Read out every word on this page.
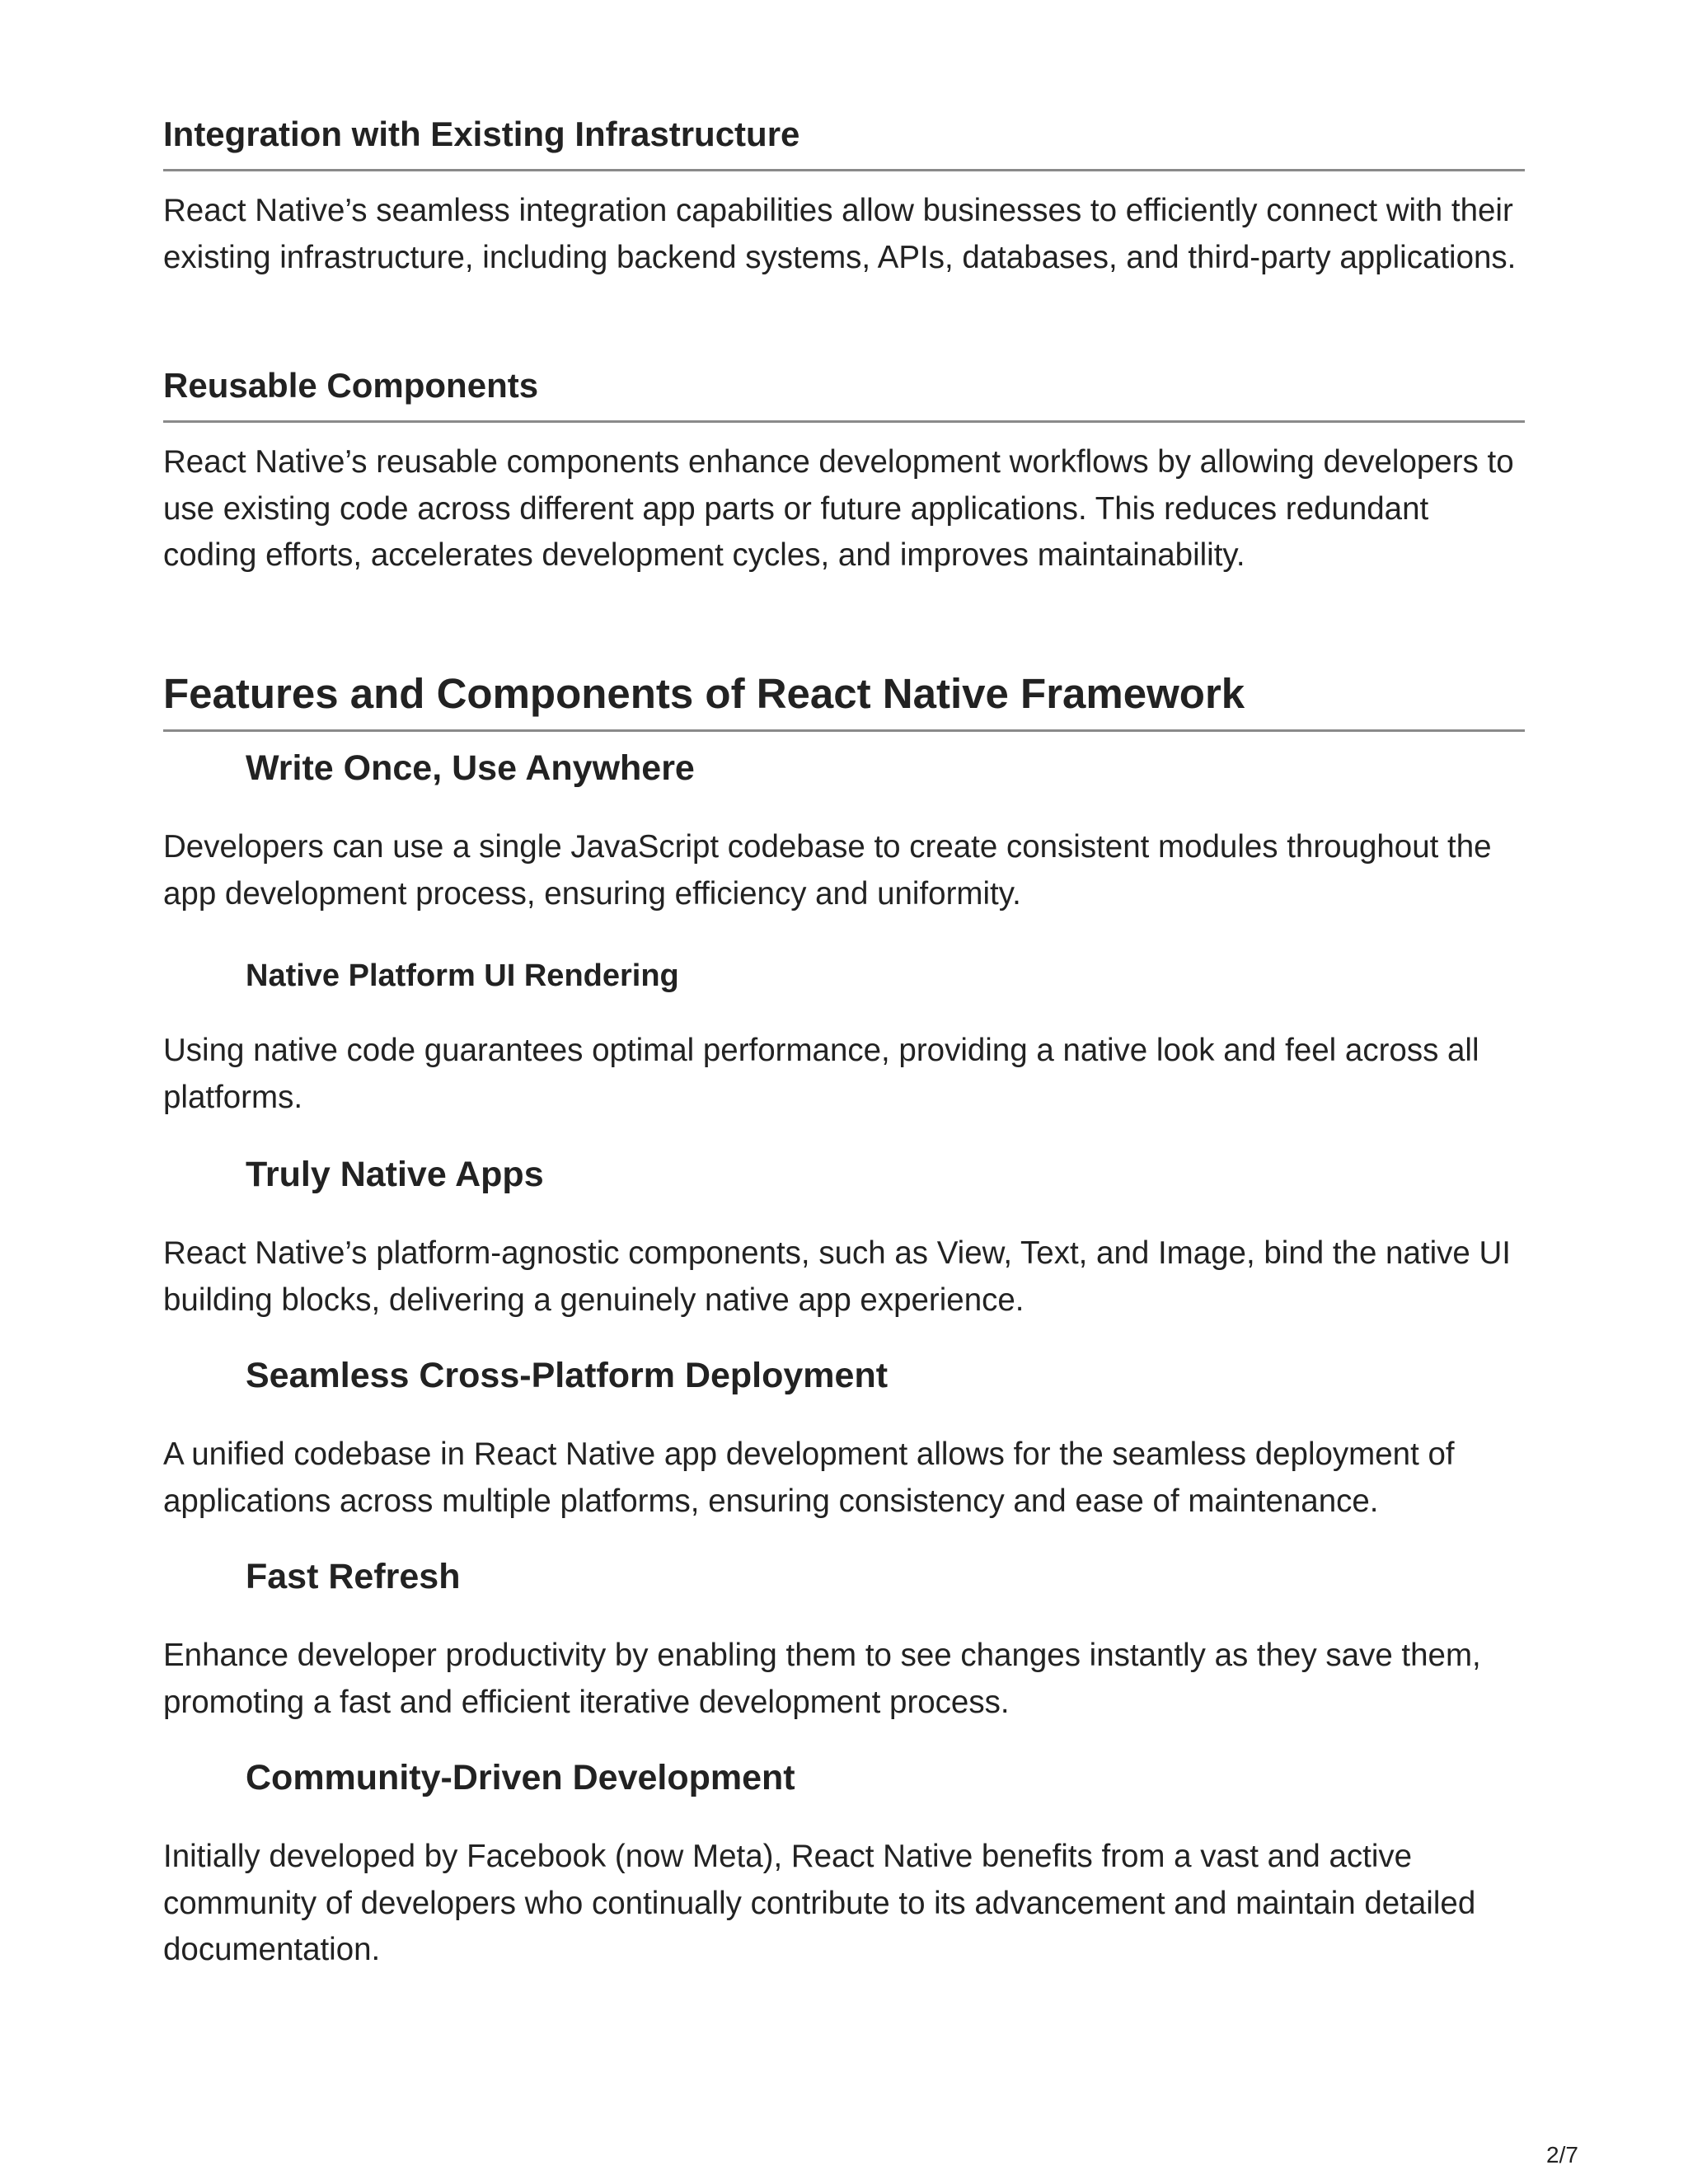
Integration with Existing Infrastructure

React Native’s seamless integration capabilities allow businesses to efficiently connect with their existing infrastructure, including backend systems, APIs, databases, and third-party applications.

Reusable Components

React Native’s reusable components enhance development workflows by allowing developers to use existing code across different app parts or future applications. This reduces redundant coding efforts, accelerates development cycles, and improves maintainability.

Features and Components of React Native Framework
Write Once, Use Anywhere

Developers can use a single JavaScript codebase to create consistent modules throughout the app development process, ensuring efficiency and uniformity.

Native Platform UI Rendering

Using native code guarantees optimal performance, providing a native look and feel across all platforms.

Truly Native Apps

React Native’s platform-agnostic components, such as View, Text, and Image, bind the native UI building blocks, delivering a genuinely native app experience.

Seamless Cross-Platform Deployment

A unified codebase in React Native app development allows for the seamless deployment of applications across multiple platforms, ensuring consistency and ease of maintenance.

Fast Refresh

Enhance developer productivity by enabling them to see changes instantly as they save them, promoting a fast and efficient iterative development process.

Community-Driven Development

Initially developed by Facebook (now Meta), React Native benefits from a vast and active community of developers who continually contribute to its advancement and maintain detailed documentation.

2/7
